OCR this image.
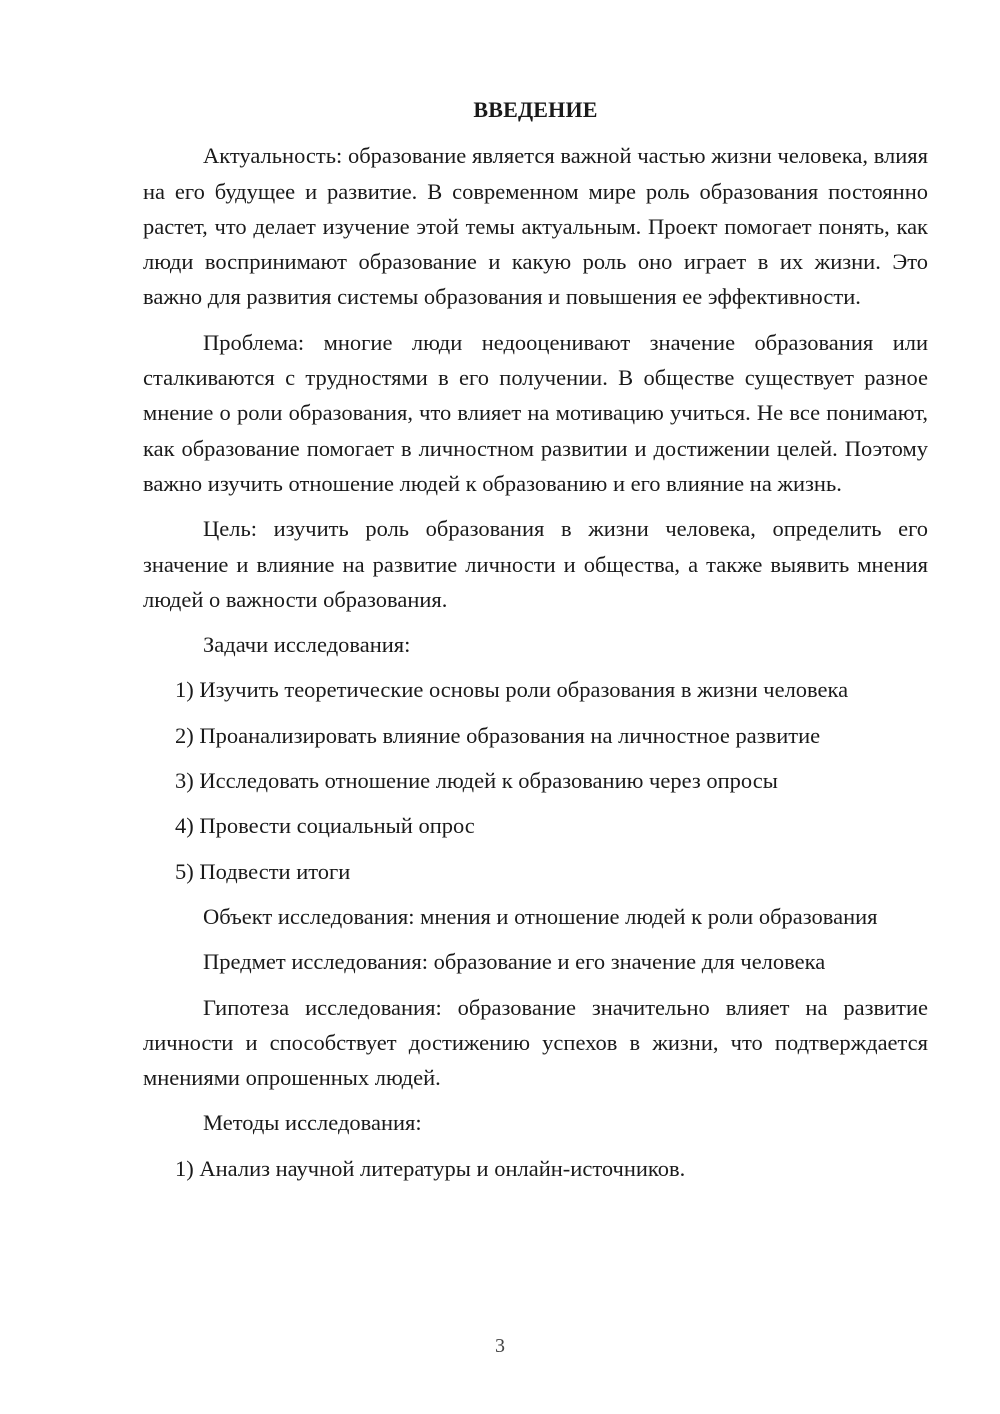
ВВЕДЕНИЕ

Актуальность: образование является важной частью жизни человека, влияя на его будущее и развитие. В современном мире роль образования постоянно растет, что делает изучение этой темы актуальным. Проект помогает понять, как люди воспринимают образование и какую роль оно играет в их жизни. Это важно для развития системы образования и повышения ее эффективности.

Проблема: многие люди недооценивают значение образования или сталкиваются с трудностями в его получении. В обществе существует разное мнение о роли образования, что влияет на мотивацию учиться. Не все понимают, как образование помогает в личностном развитии и достижении целей. Поэтому важно изучить отношение людей к образованию и его влияние на жизнь.

Цель: изучить роль образования в жизни человека, определить его значение и влияние на развитие личности и общества, а также выявить мнения людей о важности образования.

Задачи исследования:

1) Изучить теоретические основы роли образования в жизни человека

2) Проанализировать влияние образования на личностное развитие

3) Исследовать отношение людей к образованию через опросы

4) Провести социальный опрос

5) Подвести итоги

Объект исследования: мнения и отношение людей к роли образования

Предмет исследования: образование и его значение для человека

Гипотеза исследования: образование значительно влияет на развитие личности и способствует достижению успехов в жизни, что подтверждается мнениями опрошенных людей.

Методы исследования:

1) Анализ научной литературы и онлайн-источников.

3
